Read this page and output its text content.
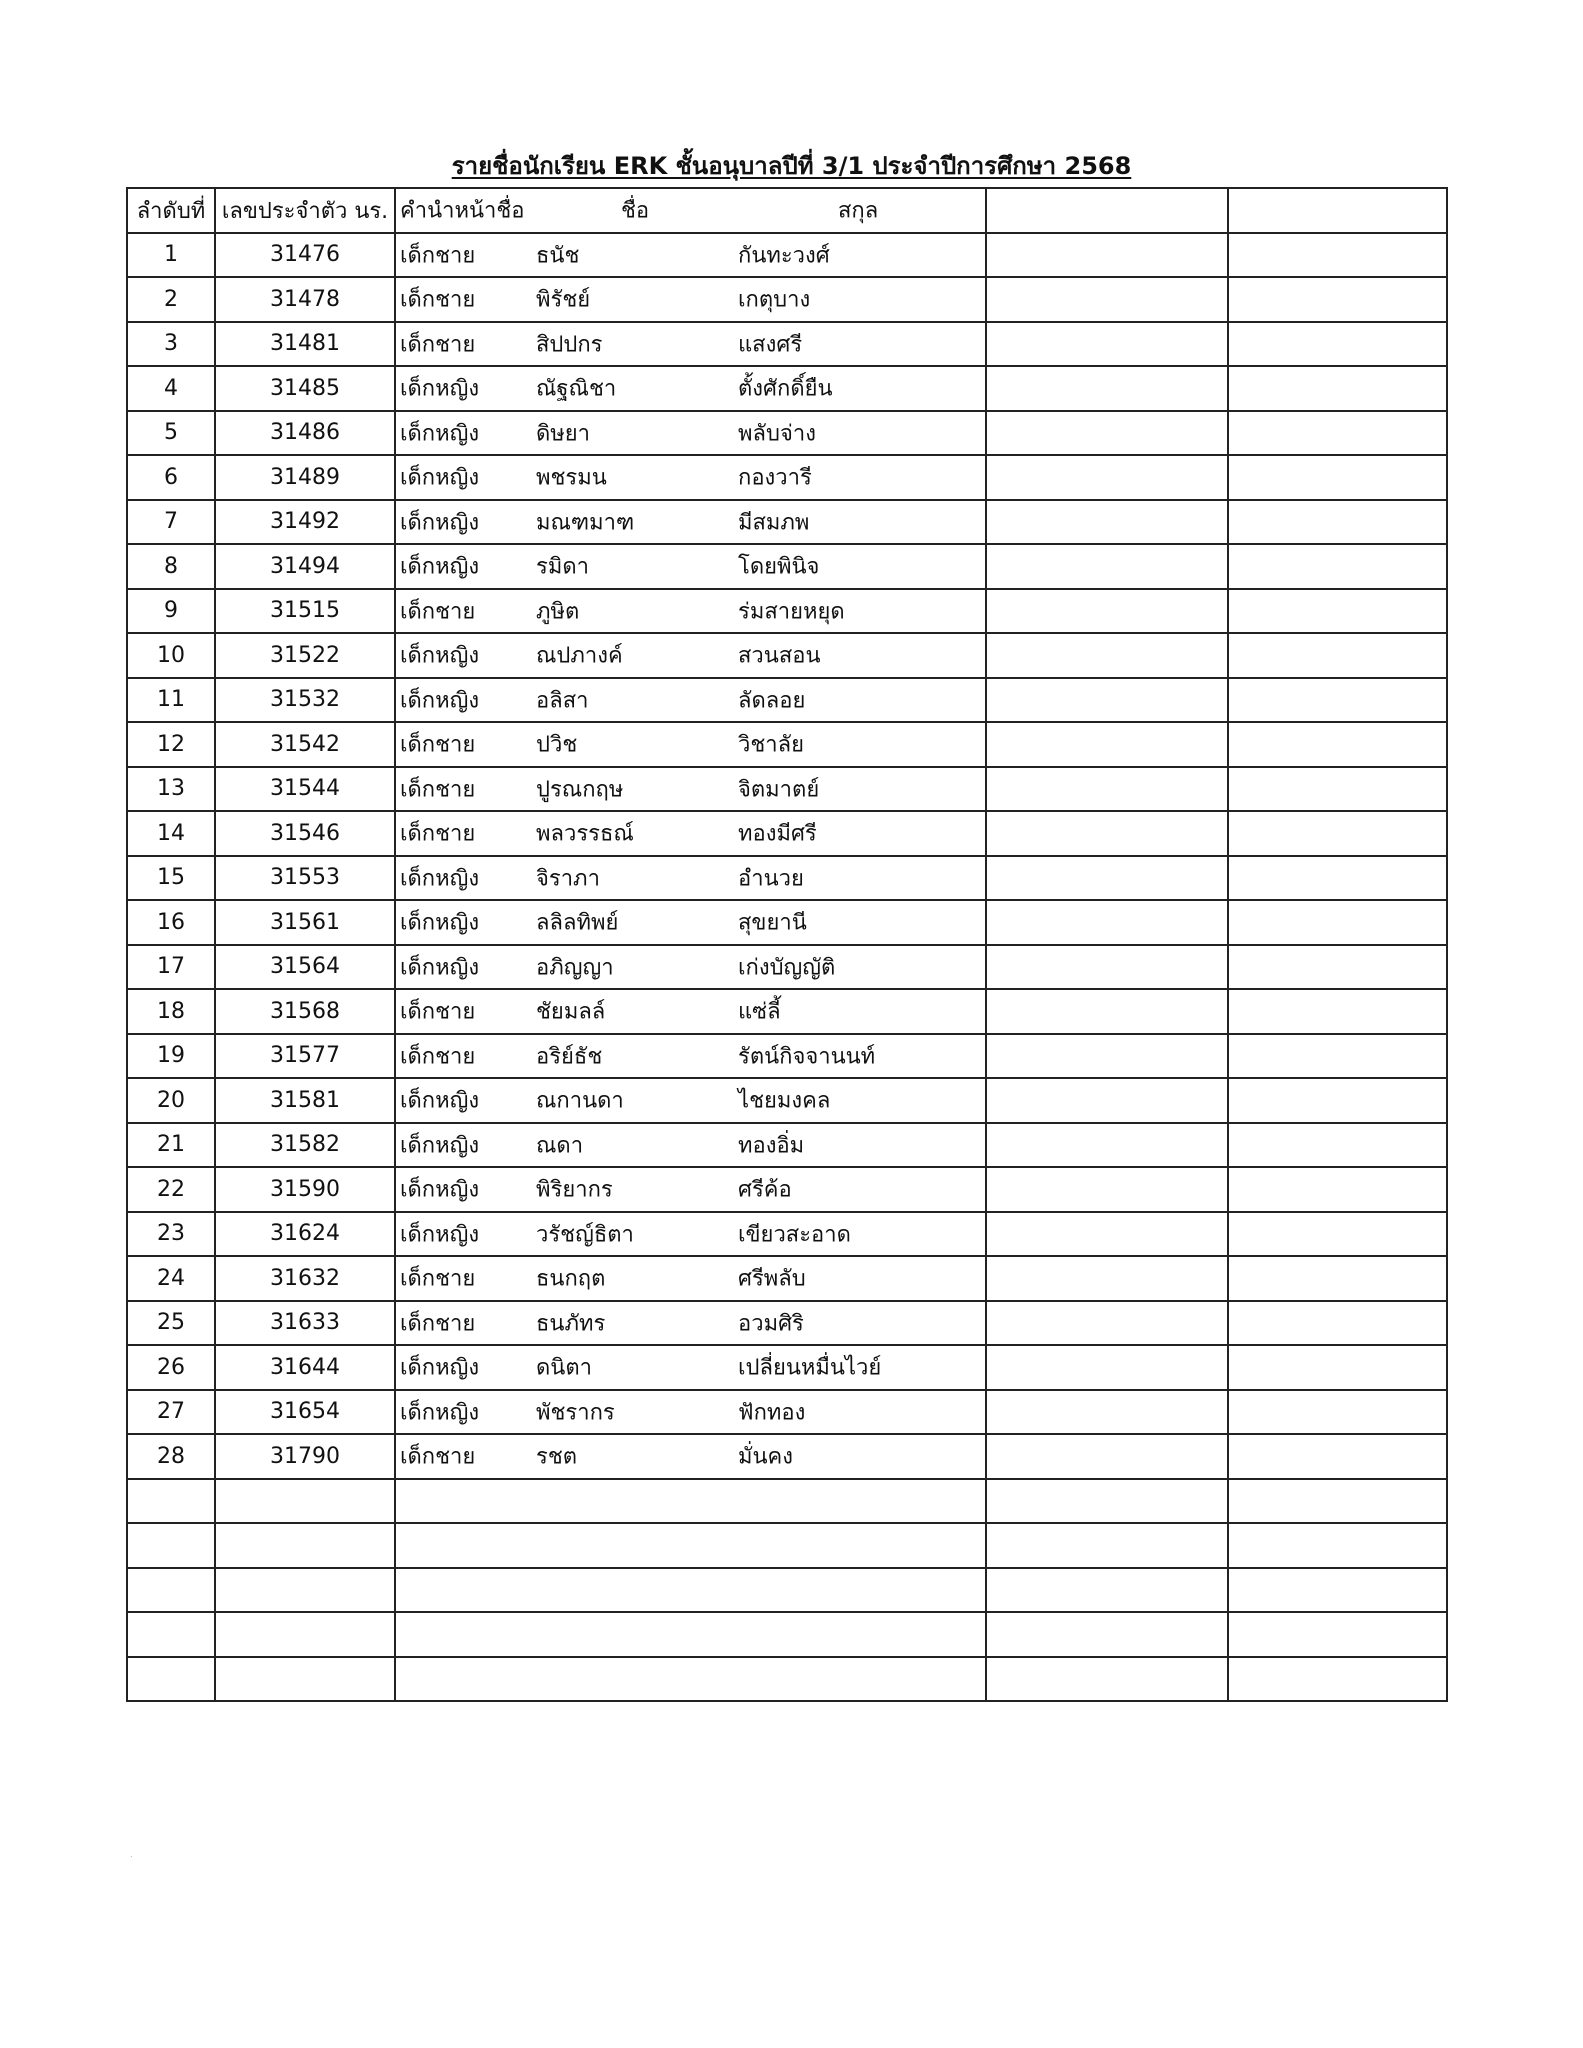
รายชื่อนักเรียน ERK ชั้นอนุบาลปีที่ 3/1 ประจำปีการศึกษา 2568
ลำดับที่	เลขประจำตัว นร.	คำนำหน้าชื่อ ชื่อ สกุล		

1	31476	เด็กชาย ธนัช กันทะวงศ์		

2	31478	เด็กชาย พิรัชย์ เกตุบาง		

3	31481	เด็กชาย สิปปกร แสงศรี		

4	31485	เด็กหญิง ณัฐณิชา ตั้งศักดิ์ยืน		

5	31486	เด็กหญิง ดิษยา พลับจ่าง		

6	31489	เด็กหญิง พชรมน กองวารี		

7	31492	เด็กหญิง มณฑมาฑ มีสมภพ		

8	31494	เด็กหญิง รมิดา โดยพินิจ		

9	31515	เด็กชาย ภูษิต ร่มสายหยุด		

10	31522	เด็กหญิง ณปภางค์ สวนสอน		

11	31532	เด็กหญิง อลิสา ลัดลอย		

12	31542	เด็กชาย ปวิช วิชาลัย		

13	31544	เด็กชาย ปูรณกฤษ จิตมาตย์		

14	31546	เด็กชาย พลวรรธณ์ ทองมีศรี		

15	31553	เด็กหญิง จิราภา อำนวย		

16	31561	เด็กหญิง ลลิลทิพย์ สุขยานี		

17	31564	เด็กหญิง อภิญญา เก่งบัญญัติ		

18	31568	เด็กชาย ชัยมลล์ แซ่ลี้		

19	31577	เด็กชาย อริย์ธัช รัตน์กิจจานนท์		

20	31581	เด็กหญิง ณกานดา ไชยมงคล		

21	31582	เด็กหญิง ณดา ทองอิ่ม		

22	31590	เด็กหญิง พิริยากร ศรีค้อ		

23	31624	เด็กหญิง วรัชญ์ธิตา เขียวสะอาด		

24	31632	เด็กชาย ธนกฤต ศรีพลับ		

25	31633	เด็กชาย ธนภัทร อวมศิริ		

26	31644	เด็กหญิง ดนิตา เปลี่ยนหมื่นไวย์		

27	31654	เด็กหญิง พัชรากร ฟักทอง		

28	31790	เด็กชาย รชต มั่นคง		

.
